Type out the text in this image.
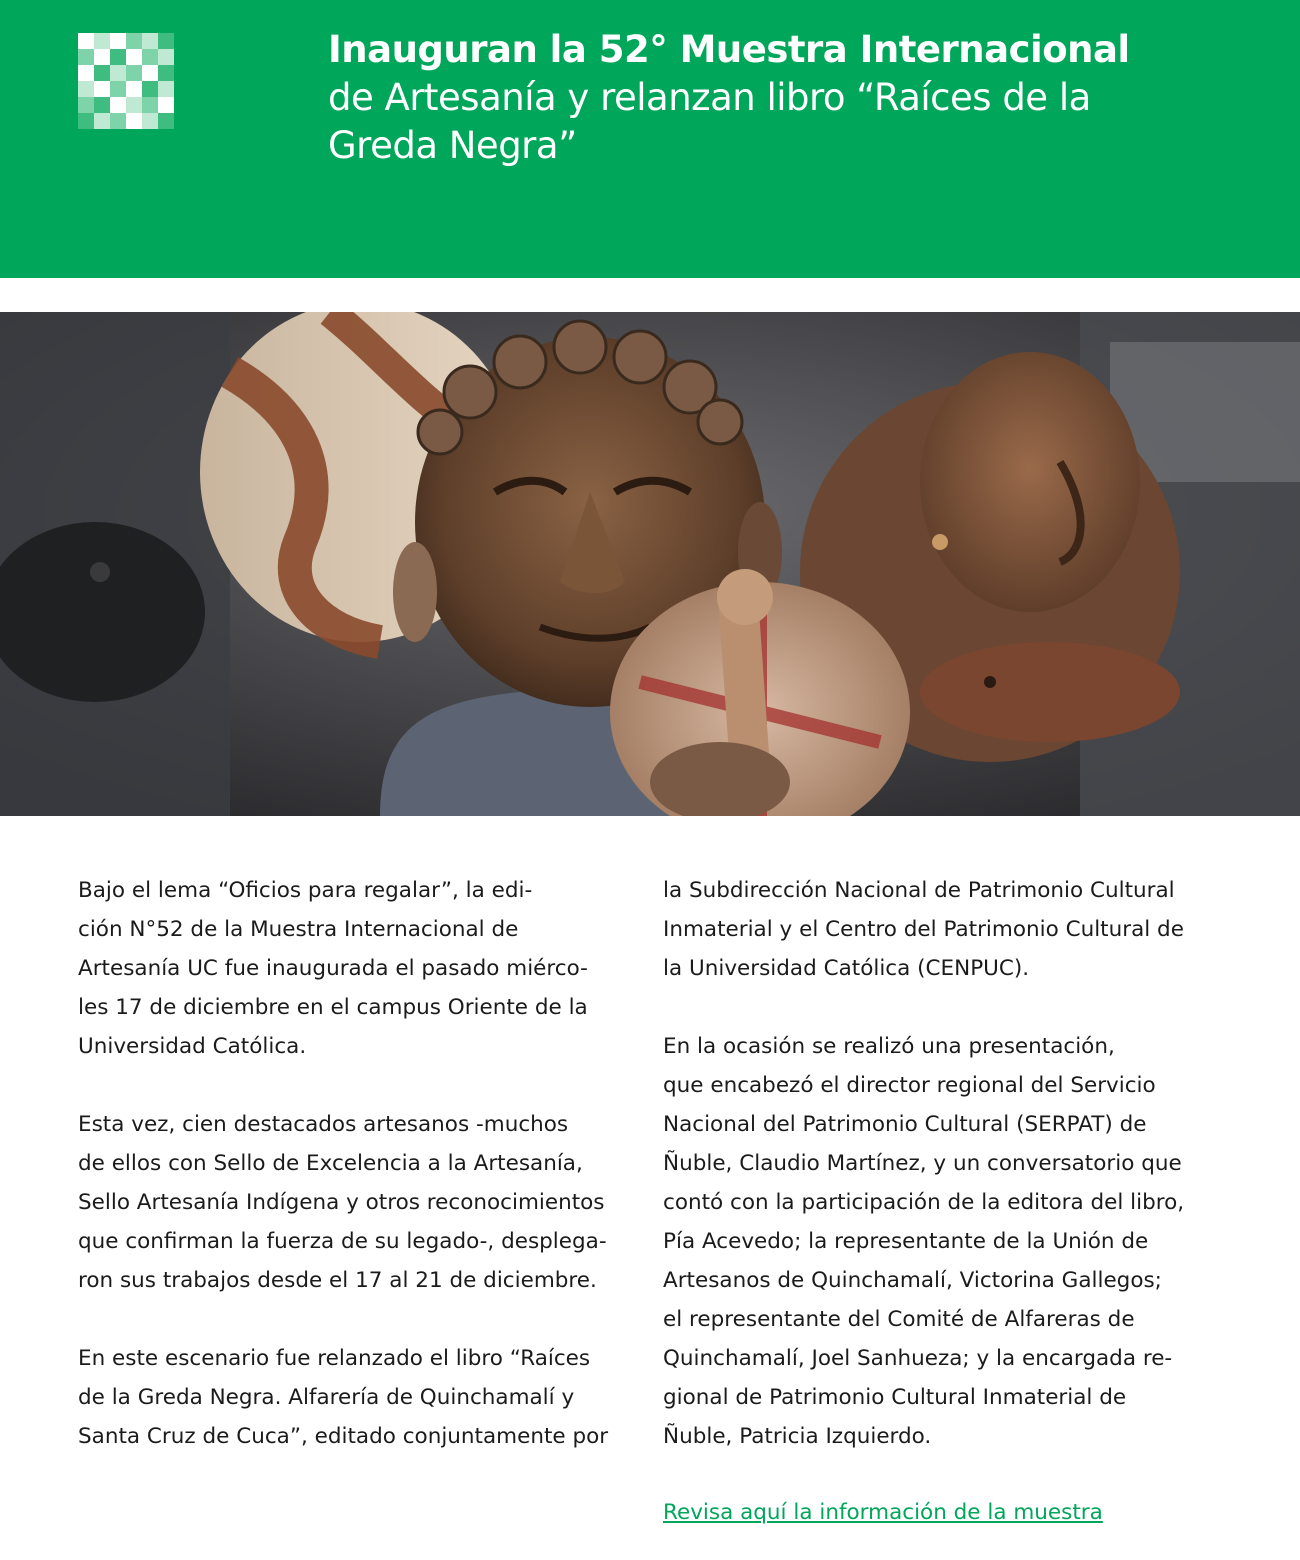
Inauguran la 52° Muestra Internacional
de Artesanía y relanzan libro “Raíces de la Greda Negra”

Bajo el lema “Oficios para regalar”, la edi-
ción N°52 de la Muestra Internacional de
Artesanía UC fue inaugurada el pasado miérco-
les 17 de diciembre en el campus Oriente de la
Universidad Católica.

Esta vez, cien destacados artesanos -muchos
de ellos con Sello de Excelencia a la Artesanía,
Sello Artesanía Indígena y otros reconocimientos
que confirman la fuerza de su legado-, desplega-
ron sus trabajos desde el 17 al 21 de diciembre.

En este escenario fue relanzado el libro “Raíces
de la Greda Negra. Alfarería de Quinchamalí y
Santa Cruz de Cuca”, editado conjuntamente por

la Subdirección Nacional de Patrimonio Cultural
Inmaterial y el Centro del Patrimonio Cultural de
la Universidad Católica (CENPUC).

En la ocasión se realizó una presentación,
que encabezó el director regional del Servicio
Nacional del Patrimonio Cultural (SERPAT) de
Ñuble, Claudio Martínez, y un conversatorio que
contó con la participación de la editora del libro,
Pía Acevedo; la representante de la Unión de
Artesanos de Quinchamalí, Victorina Gallegos;
el representante del Comité de Alfareras de
Quinchamalí, Joel Sanhueza; y la encargada re-
gional de Patrimonio Cultural Inmaterial de
Ñuble, Patricia Izquierdo.

Revisa aquí la información de la muestra
